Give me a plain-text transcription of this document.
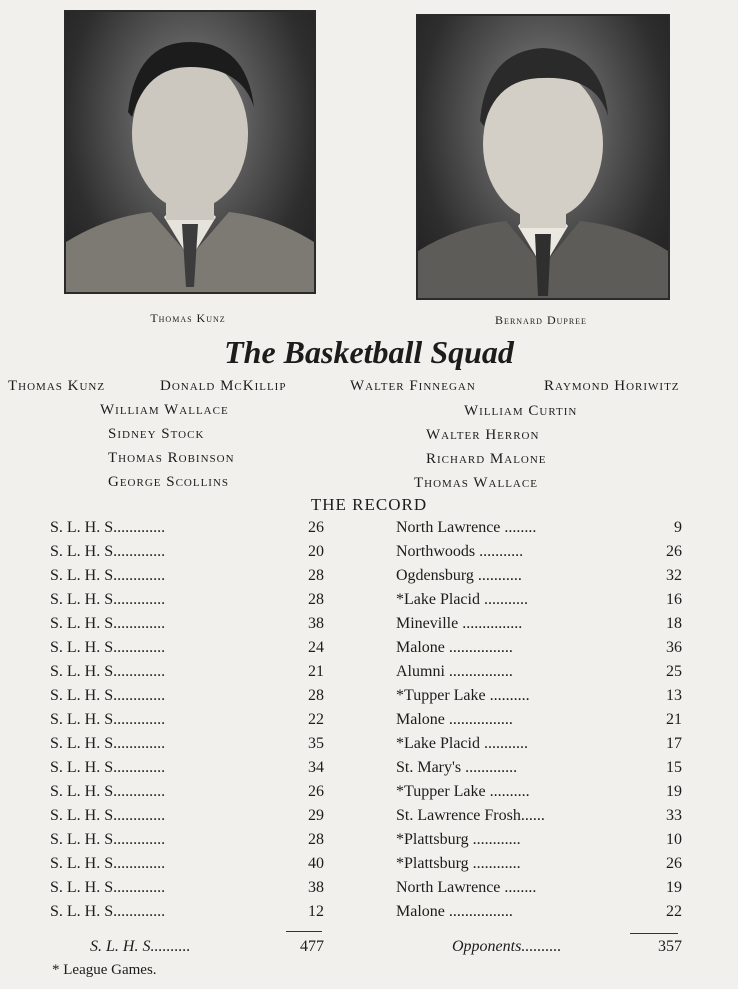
Thomas Kunz	Bernard Dupree
The Basketball Squad
Thomas Kunz	Donald McKillip	Walter Finnegan	Raymond Horiwitz
William Wallace
Sidney Stock
Thomas Robinson
George Scollins
William Curtin
Walter Herron
Richard Malone
Thomas Wallace
THE RECORD
S. L. H. S.............	26	North Lawrence ........	9
S. L. H. S.............	20	Northwoods ...........	26
S. L. H. S.............	28	Ogdensburg ...........	32
S. L. H. S.............	28	*Lake Placid ...........	16
S. L. H. S.............	38	Mineville ...............	18
S. L. H. S.............	24	Malone ................	36
S. L. H. S.............	21	Alumni ................	25
S. L. H. S.............	28	*Tupper Lake ..........	13
S. L. H. S.............	22	Malone ................	21
S. L. H. S.............	35	*Lake Placid ...........	17
S. L. H. S.............	34	St. Mary's .............	15
S. L. H. S.............	26	*Tupper Lake ..........	19
S. L. H. S.............	29	St. Lawrence Frosh......	33
S. L. H. S.............	28	*Plattsburg ............	10
S. L. H. S.............	40	*Plattsburg ............	26
S. L. H. S.............	38	North Lawrence ........	19
S. L. H. S.............	12	Malone ................	22
S. L. H. S..........	477	Opponents..........	357
* League Games.
